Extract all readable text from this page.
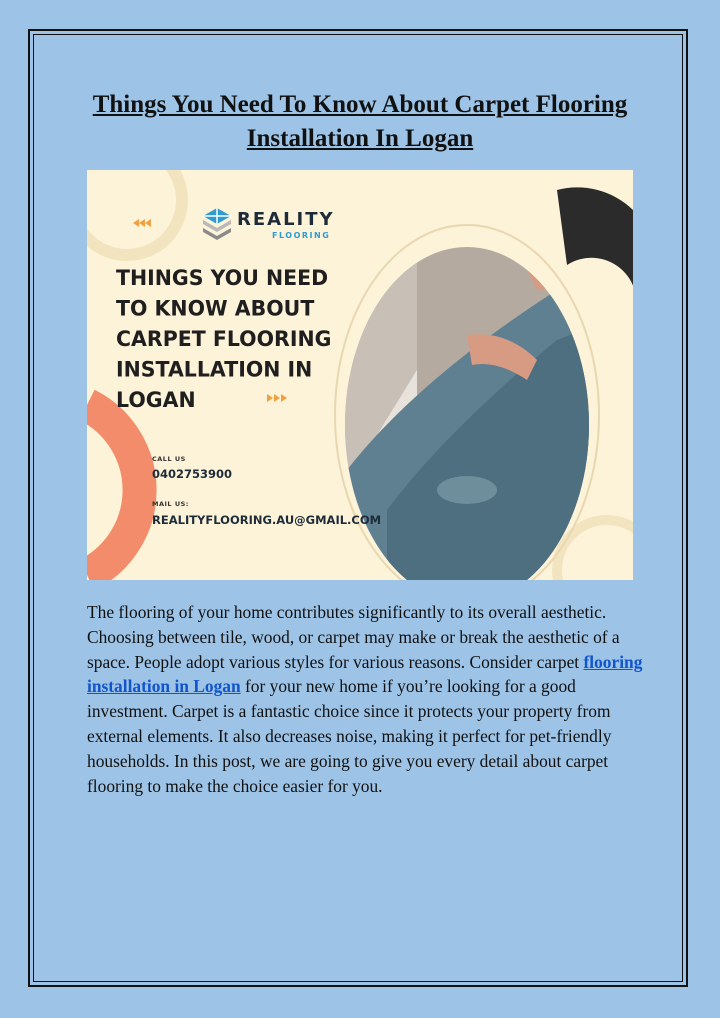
Things You Need To Know About Carpet Flooring Installation In Logan
REALITY
FLOORING
THINGS YOU NEED
TO KNOW ABOUT
CARPET FLOORING
INSTALLATION IN
LOGAN
CALL US
0402753900
MAIL US:
REALITYFLOORING.AU@GMAIL.COM

The flooring of your home contributes significantly to its overall aesthetic. Choosing between tile, wood, or carpet may make or break the aesthetic of a space. People adopt various styles for various reasons. Consider carpet flooring installation in Logan for your new home if you’re looking for a good investment. Carpet is a fantastic choice since it protects your property from external elements. It also decreases noise, making it perfect for pet-friendly households. In this post, we are going to give you every detail about carpet flooring to make the choice easier for you.
